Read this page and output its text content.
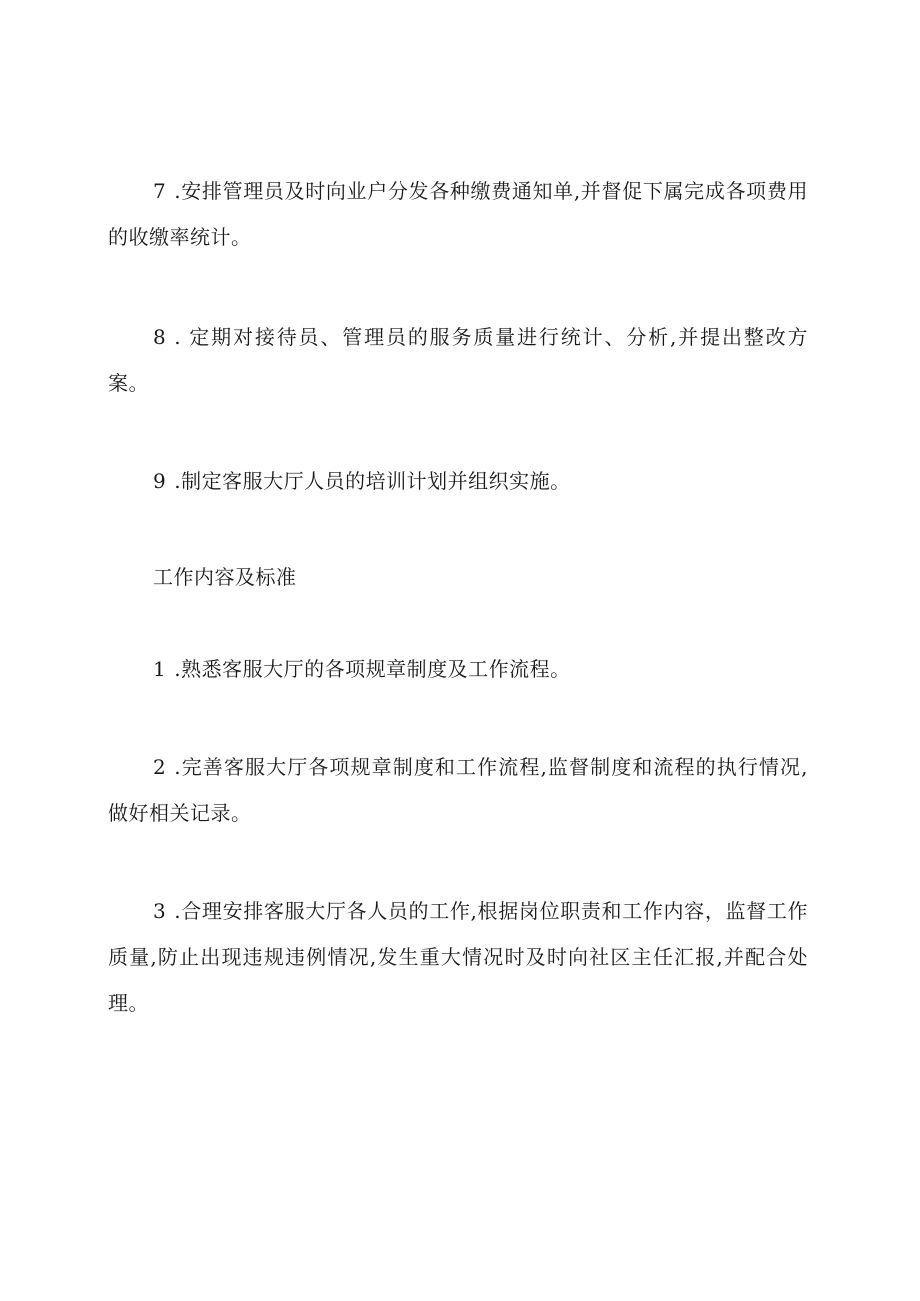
7 .安排管理员及时向业户分发各种缴费通知单,并督促下属完成各项费用的收缴率统计。

8 . 定期对接待员、管理员的服务质量进行统计、分析,并提出整改方案。

9 .制定客服大厅人员的培训计划并组织实施。

工作内容及标准

1 .熟悉客服大厅的各项规章制度及工作流程。

2 .完善客服大厅各项规章制度和工作流程,监督制度和流程的执行情况,做好相关记录。

3 .合理安排客服大厅各人员的工作,根据岗位职责和工作内容，监督工作质量,防止出现违规违例情况,发生重大情况时及时向社区主任汇报,并配合处理。
